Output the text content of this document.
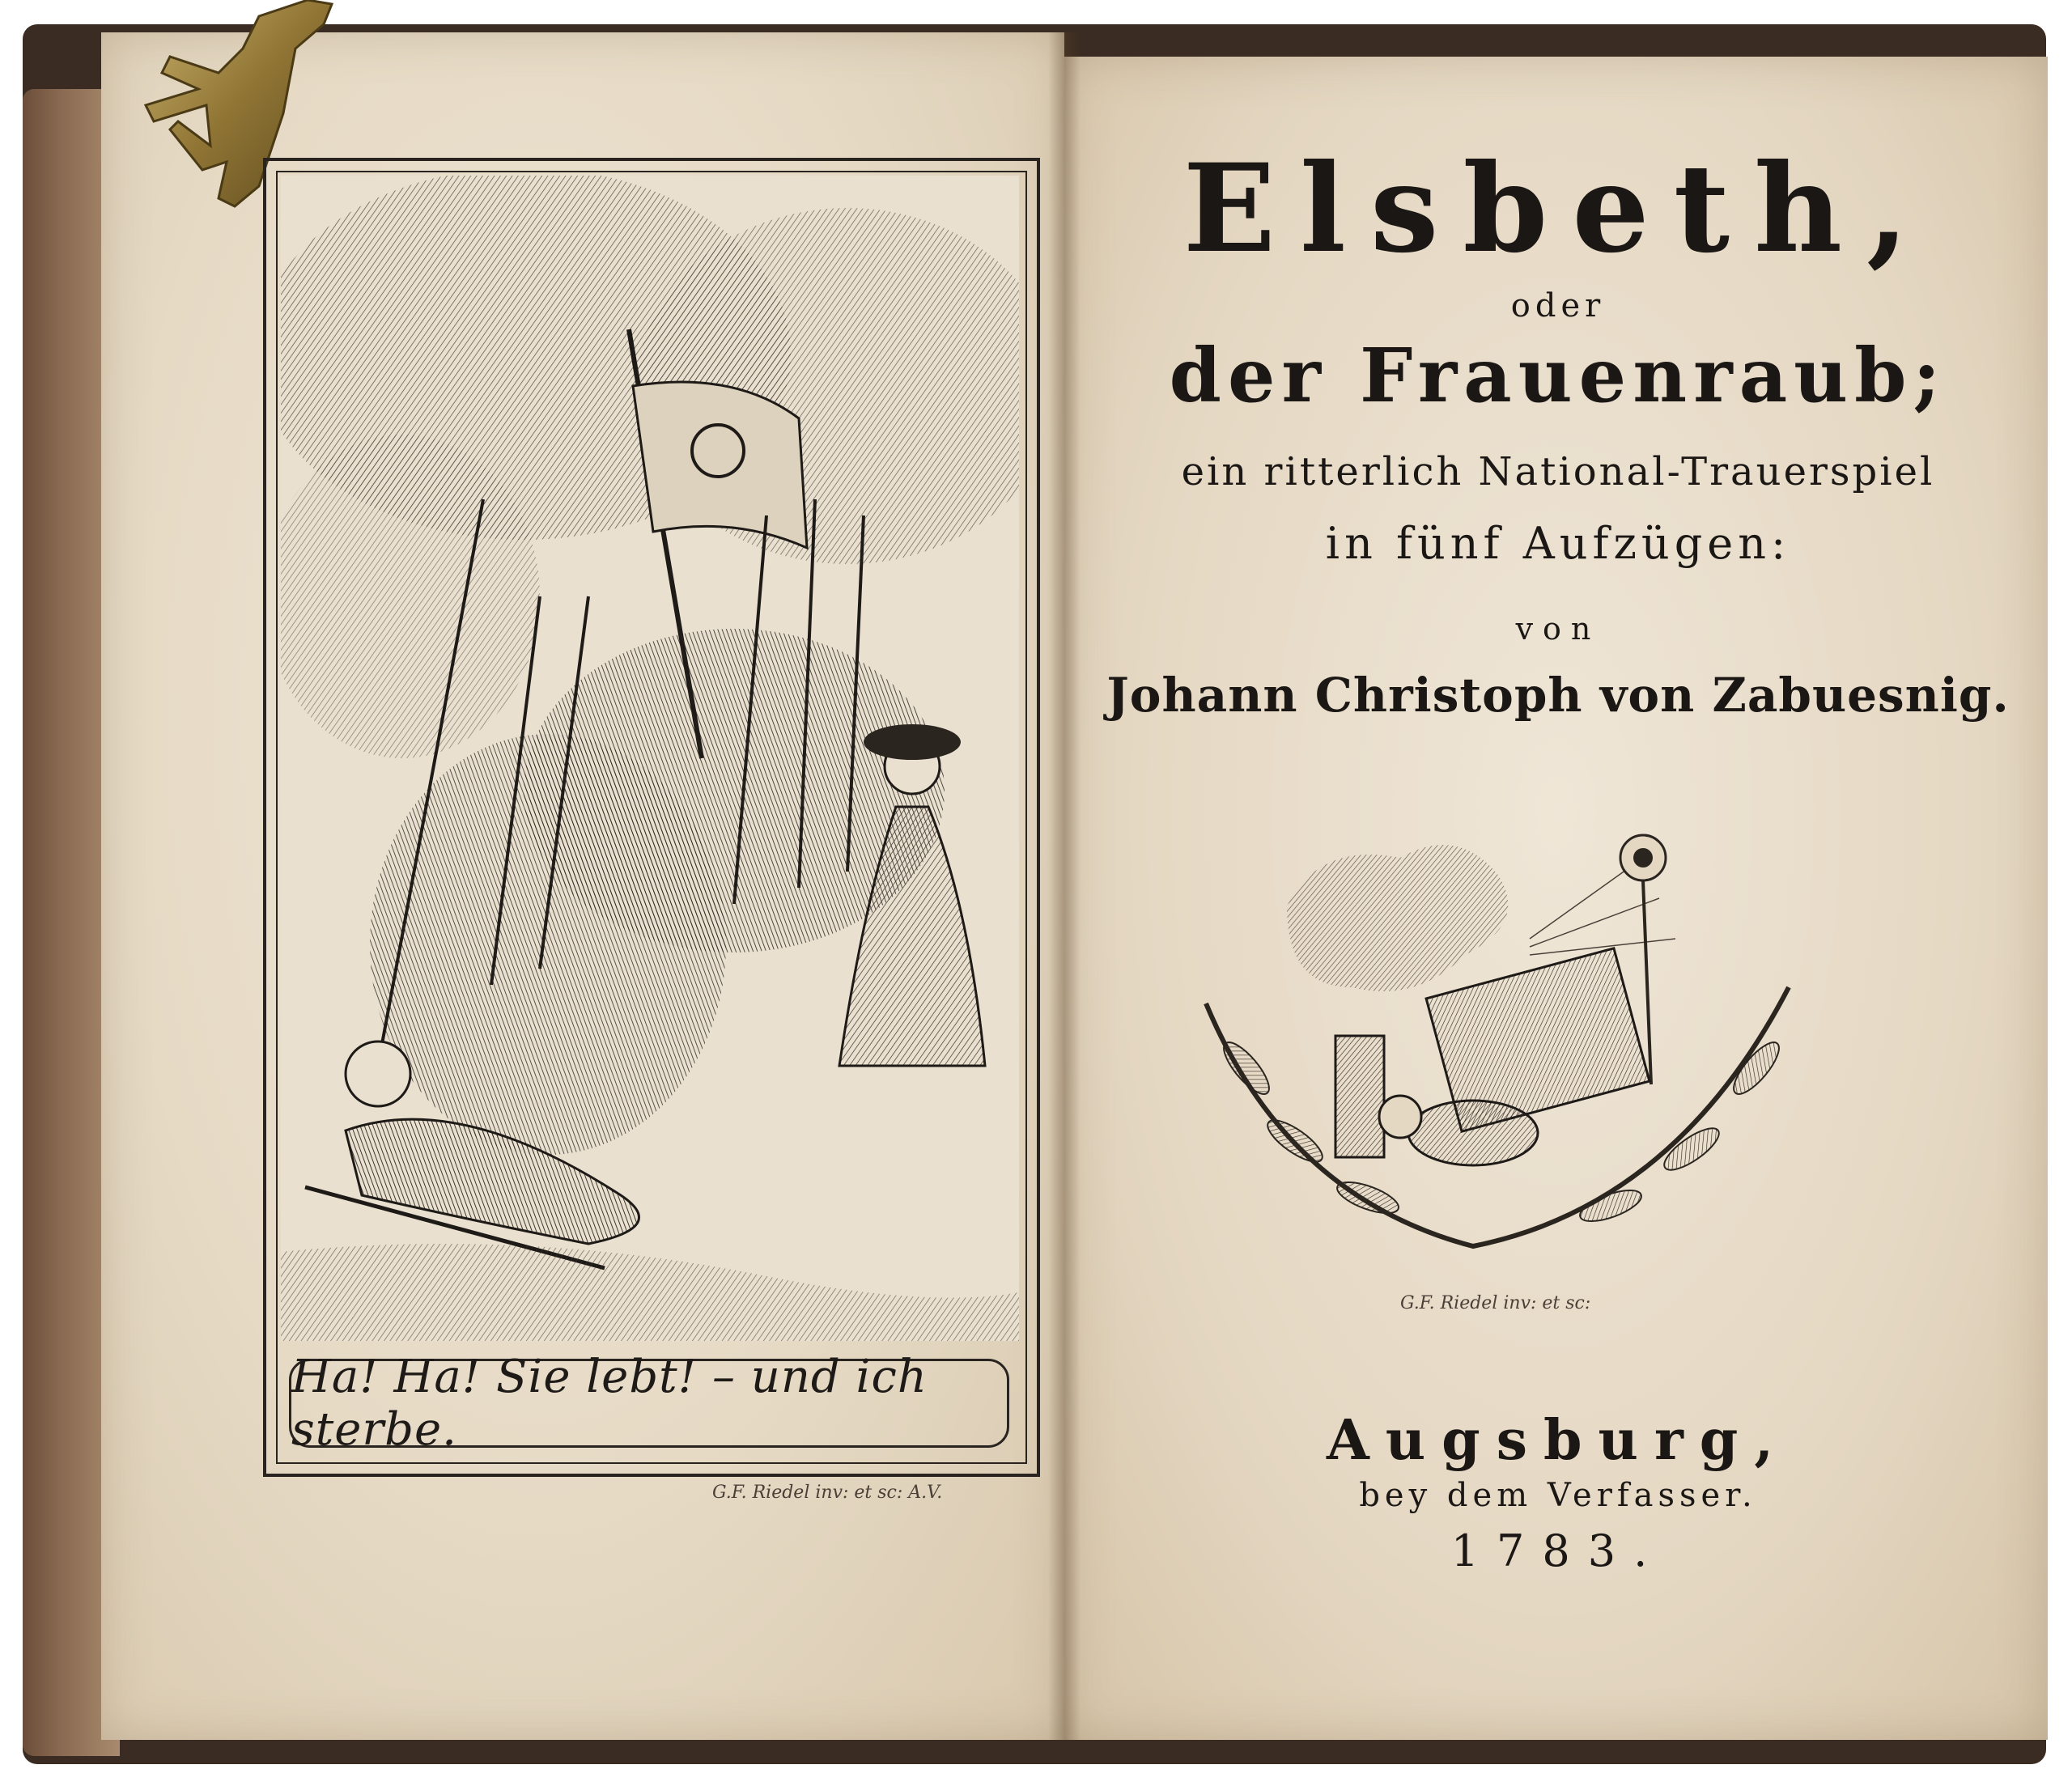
Ha! Ha! Sie lebt! – und ich sterbe.
G.F. Riedel inv: et sc: A.V.
Elsbeth,
oder
der Frauenraub;
ein ritterlich National-Trauerspiel
in fünf Aufzügen:
von
Johann Christoph von Zabuesnig.
G.F. Riedel inv: et sc:
Augsburg,
bey dem Verfasser.
1783.
